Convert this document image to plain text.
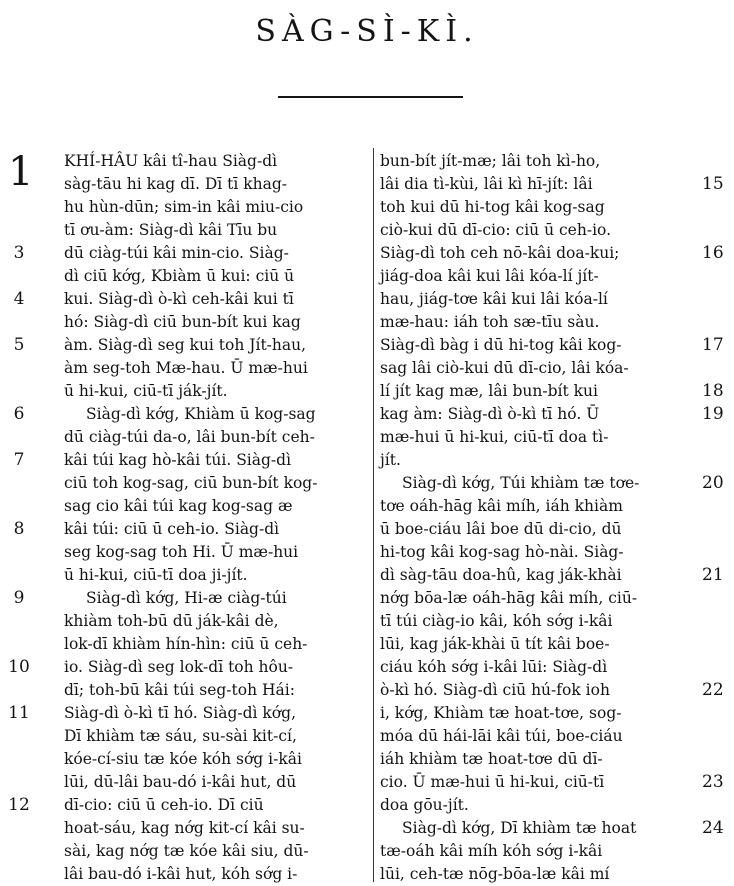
SÀG-SÌ-KÌ.
1 KHÍ-HÂU kâi tî-hau Siàg-dì
sàg-tāu hi kag dī. Dī tī khag-
hu hùn-dūn; sim-in kâi miu-cio
tī ơu-àm: Siàg-dì kâi Tīu bu
dū ciàg-túi kâi min-cio. Siàg-
dì ciū kớg, Kbiàm ū kui: ciū ū
kui. Siàg-dì ò-kì ceh-kâi kui tī
hó: Siàg-dì ciū bun-bít kui kag
àm. Siàg-dì seg kui toh Jít-hau,
àm seg-toh Mæ-hau. Ū mæ-hui
ū hi-kui, ciū-tī ják-jít.
Siàg-dì kớg, Khiàm ū kog-sag
dū ciàg-túi da-o, lâi bun-bít ceh-
kâi túi kag hò-kâi túi. Siàg-dì
ciū toh kog-sag, ciū bun-bít kog-
sag cio kâi túi kag kog-sag æ
kâi túi: ciū ū ceh-io. Siàg-dì
seg kog-sag toh Hi. Ū mæ-hui
ū hi-kui, ciū-tī doa ji-jít.
Siàg-dì kớg, Hi-æ ciàg-túi
khiàm toh-bū dū ják-kâi dè,
lok-dī khiàm hín-hìn: ciū ū ceh-
io. Siàg-dì seg lok-dī toh hôu-
dī; toh-bū kâi túi seg-toh Hái:
Siàg-dì ò-kì tī hó. Siàg-dì kớg,
Dī khiàm tæ sáu, su-sài kit-cí,
kóe-cí-siu tæ kóe kóh sớg i-kâi
lūi, dū-lâi bau-dó i-kâi hut, dū
dī-cio: ciū ū ceh-io. Dī ciū
hoat-sáu, kag nớg kit-cí kâi su-
sài, kag nớg tæ kóe kâi siu, dū-
lâi bau-dó i-kâi hut, kóh sớg i-
3
4
5
6
7
8
9
10
11
12
bun-bít jít-mæ; lâi toh kì-ho,
lâi dia tì-kùi, lâi kì hī-jít: lâi
toh kui dū hi-tog kâi kog-sag
ciò-kui dū dī-cio: ciū ū ceh-io.
Siàg-dì toh ceh nō-kâi doa-kui;
jiág-doa kâi kui lâi kóa-lí jít-
hau, jiág-tơe kâi kui lâi kóa-lí
mæ-hau: iáh toh sæ-tīu sàu.
Siàg-dì bàg i dū hi-tog kâi kog-
sag lâi ciò-kui dū dī-cio, lâi kóa-
lí jít kag mæ, lâi bun-bít kui
kag àm: Siàg-dì ò-kì tī hó. Ū
mæ-hui ū hi-kui, ciū-tī doa tì-
jít.
Siàg-dì kớg, Túi khiàm tæ tơe-
tơe oáh-hāg kâi míh, iáh khiàm
ū boe-ciáu lâi boe dū di-cio, dū
hi-tog kâi kog-sag hò-nài. Siàg-
dì sàg-tāu doa-hû, kag ják-khài
nớg bōa-læ oáh-hāg kâi míh, ciū-
tī túi ciàg-io kâi, kóh sớg i-kâi
lūi, kag ják-khài ū tít kâi boe-
ciáu kóh sớg i-kâi lūi: Siàg-dì
ò-kì hó. Siàg-dì ciū hú-fok ioh
i, kớg, Khiàm tæ hoat-tơe, sog-
móa dū hái-lāi kâi túi, boe-ciáu
iáh khiàm tæ hoat-tơe dū dī-
cio. Ū mæ-hui ū hi-kui, ciū-tī
doa gōu-jít.
Siàg-dì kớg, Dī khiàm tæ hoat
tæ-oáh kâi míh kóh sớg i-kâi
lūi, ceh-tæ nōg-bōa-læ kâi mí
15
16
17
18
19
20
21
22
23
24
